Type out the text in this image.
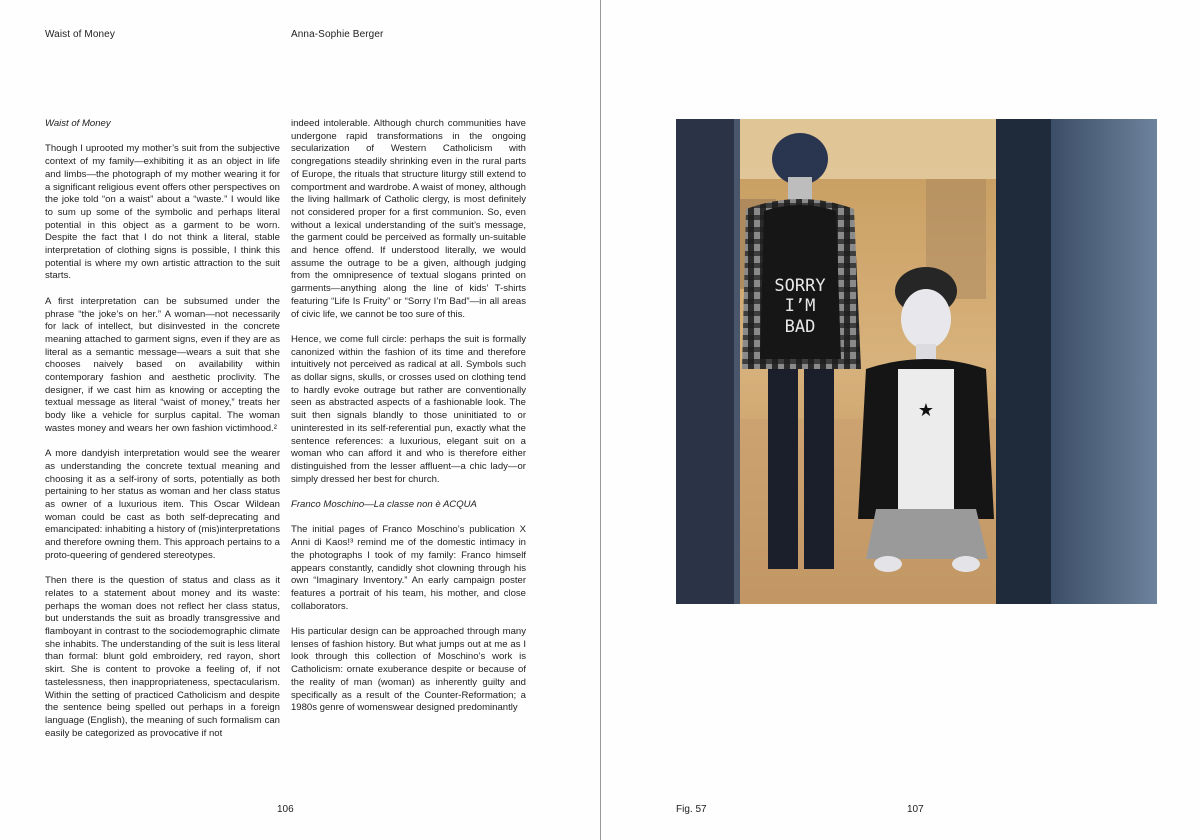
Waist of Money	Anna-Sophie Berger
Waist of Money

Though I uprooted my mother’s suit from the subjective context of my family—exhibiting it as an object in life and limbs—the photograph of my mother wearing it for a significant religious event offers other perspectives on the joke told “on a waist” about a “waste.” I would like to sum up some of the symbolic and perhaps literal potential in this object as a garment to be worn. Despite the fact that I do not think a literal, stable interpretation of clothing signs is possible, I think this potential is where my own artistic attraction to the suit starts.

A first interpretation can be subsumed under the phrase “the joke’s on her.” A woman—not necessarily for lack of intellect, but disinvested in the concrete meaning attached to garment signs, even if they are as literal as a semantic message—wears a suit that she chooses naively based on availability within contemporary fashion and aesthetic proclivity. The designer, if we cast him as knowing or accepting the textual message as literal “waist of money,” treats her body like a vehicle for surplus capital. The woman wastes money and wears her own fashion victimhood.²

A more dandyish interpretation would see the wearer as understanding the concrete textual meaning and choosing it as a self-irony of sorts, potentially as both pertaining to her status as woman and her class status as owner of a luxurious item. This Oscar Wildean woman could be cast as both self-deprecating and emancipated: inhabiting a history of (mis)interpretations and therefore owning them. This approach pertains to a proto-queering of gendered stereotypes.

Then there is the question of status and class as it relates to a statement about money and its waste: perhaps the woman does not reflect her class status, but understands the suit as broadly transgressive and flamboyant in contrast to the sociodemographic climate she inhabits. The understanding of the suit is less literal than formal: blunt gold embroidery, red rayon, short skirt. She is content to provoke a feeling of, if not tastelessness, then inappropriateness, spectacularism. Within the setting of practiced Catholicism and despite the sentence being spelled out perhaps in a foreign language (English), the meaning of such formalism can easily be categorized as provocative if not

indeed intolerable. Although church communities have undergone rapid transformations in the ongoing secularization of Western Catholicism with congregations steadily shrinking even in the rural parts of Europe, the rituals that structure liturgy still extend to comportment and wardrobe. A waist of money, although the living hallmark of Catholic clergy, is most definitely not considered proper for a first communion. So, even without a lexical understanding of the suit’s message, the garment could be perceived as formally un-suitable and hence offend. If understood literally, we would assume the outrage to be a given, although judging from the omnipresence of textual slogans printed on garments—anything along the line of kids’ T-shirts featuring “Life Is Fruity” or “Sorry I’m Bad”—in all areas of civic life, we cannot be too sure of this.

Hence, we come full circle: perhaps the suit is formally canonized within the fashion of its time and therefore intuitively not perceived as radical at all. Symbols such as dollar signs, skulls, or crosses used on clothing tend to hardly evoke outrage but rather are conventionally seen as abstracted aspects of a fashionable look. The suit then signals blandly to those uninitiated to or uninterested in its self-referential pun, exactly what the sentence references: a luxurious, elegant suit on a woman who can afford it and who is therefore either distinguished from the lesser affluent—a chic lady—or simply dressed her best for church.

Franco Moschino—La classe non è ACQUA

The initial pages of Franco Moschino’s publication X Anni di Kaos!³ remind me of the domestic intimacy in the photographs I took of my family: Franco himself appears constantly, candidly shot clowning through his own “Imaginary Inventory.” An early campaign poster features a portrait of his team, his mother, and close collaborators.

His particular design can be approached through many lenses of fashion history. But what jumps out at me as I look through this collection of Moschino’s work is Catholicism: ornate exuberance despite or because of the reality of man (woman) as inherently guilty and specifically as a result of the Counter-Reformation; a 1980s genre of womenswear designed predominantly

106
SORRY
I’M
BAD
★
Fig. 57	107
